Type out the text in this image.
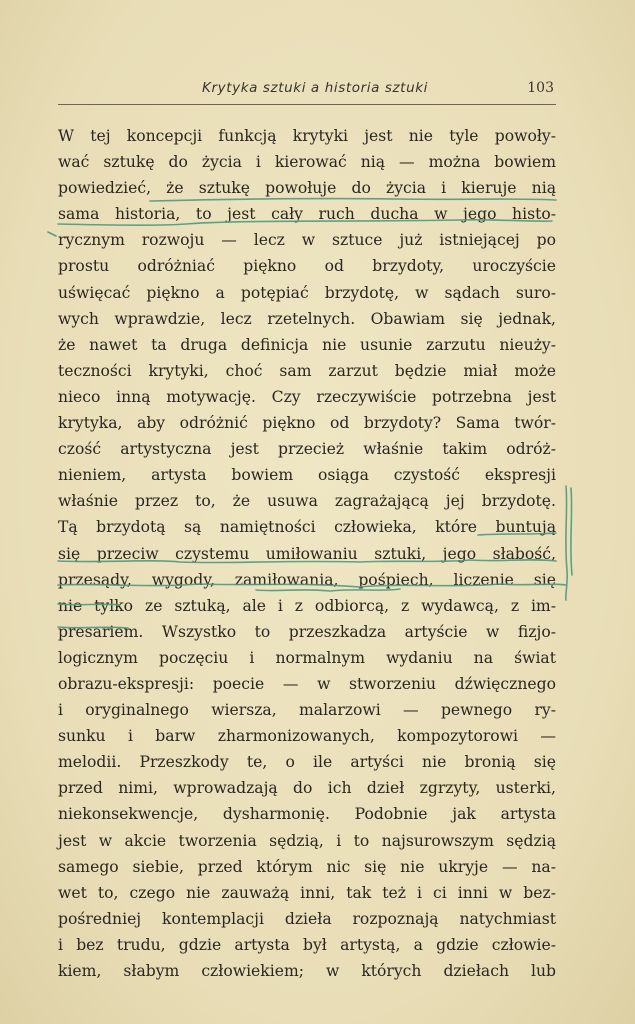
Krytyka sztuki a historia sztuki	103
W tej koncepcji funkcją krytyki jest nie tyle powoły-
wać sztukę do życia i kierować nią — można bowiem
powiedzieć, że sztukę powołuje do życia i kieruje nią
sama historia, to jest cały ruch ducha w jego histo-
rycznym rozwoju — lecz w sztuce już istniejącej po
prostu odróżniać piękno od brzydoty, uroczyście
uświęcać piękno a potępiać brzydotę, w sądach suro-
wych wprawdzie, lecz rzetelnych. Obawiam się jednak,
że nawet ta druga definicja nie usunie zarzutu nieuży-
teczności krytyki, choć sam zarzut będzie miał może
nieco inną motywację. Czy rzeczywiście potrzebna jest
krytyka, aby odróżnić piękno od brzydoty? Sama twór-
czość artystyczna jest przecież właśnie takim odróż-
nieniem, artysta bowiem osiąga czystość ekspresji
właśnie przez to, że usuwa zagrażającą jej brzydotę.
Tą brzydotą są namiętności człowieka, które buntują
się przeciw czystemu umiłowaniu sztuki, jego słabość,
przesądy, wygody, zamiłowania, pośpiech, liczenie się
nie tylko ze sztuką, ale i z odbiorcą, z wydawcą, z im-
presariem. Wszystko to przeszkadza artyście w fizjo-
logicznym poczęciu i normalnym wydaniu na świat
obrazu-ekspresji: poecie — w stworzeniu dźwięcznego
i oryginalnego wiersza, malarzowi — pewnego ry-
sunku i barw zharmonizowanych, kompozytorowi —
melodii. Przeszkody te, o ile artyści nie bronią się
przed nimi, wprowadzają do ich dzieł zgrzyty, usterki,
niekonsekwencje, dysharmonię. Podobnie jak artysta
jest w akcie tworzenia sędzią, i to najsurowszym sędzią
samego siebie, przed którym nic się nie ukryje — na-
wet to, czego nie zauważą inni, tak też i ci inni w bez-
pośredniej kontemplacji dzieła rozpoznają natychmiast
i bez trudu, gdzie artysta był artystą, a gdzie człowie-
kiem, słabym człowiekiem; w których dziełach lub
